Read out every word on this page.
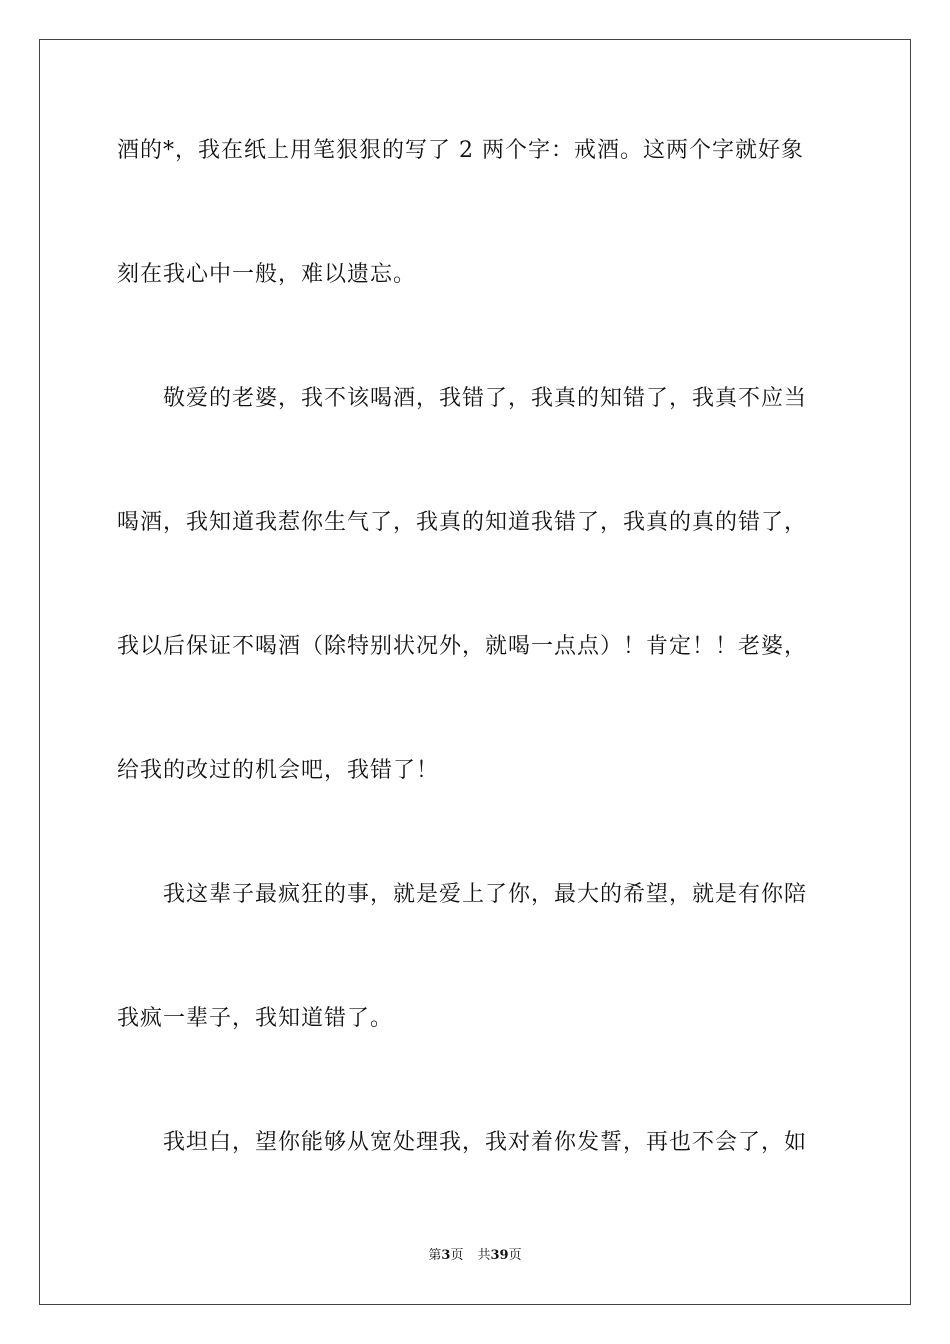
酒的*，我在纸上用笔狠狠的写了 2 两个字：戒酒。这两个字就好象
刻在我心中一般，难以遗忘。
敬爱的老婆，我不该喝酒，我错了，我真的知错了，我真不应当
喝酒，我知道我惹你生气了，我真的知道我错了，我真的真的错了，
我以后保证不喝酒（除特别状况外，就喝一点点）！肯定！！老婆，
给我的改过的机会吧，我错了！
我这辈子最疯狂的事，就是爱上了你，最大的希望，就是有你陪
我疯一辈子，我知道错了。
我坦白，望你能够从宽处理我，我对着你发誓，再也不会了，如
第3页 共39页
